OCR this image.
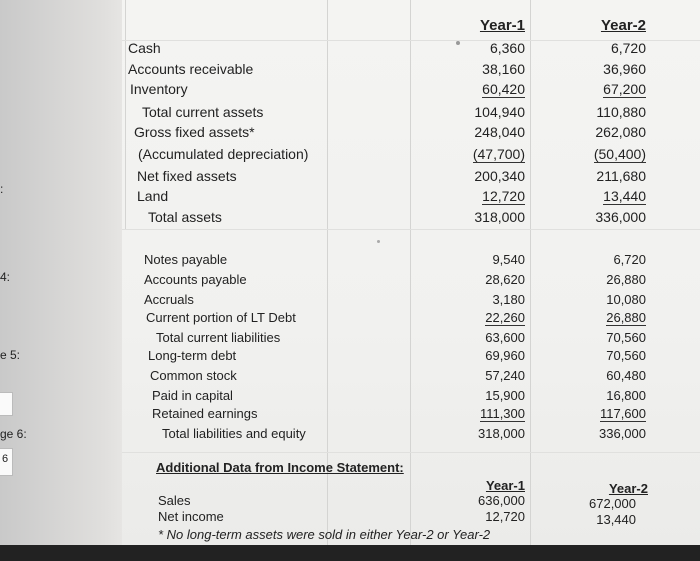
:
4:
e 5:
ge 6:
6
Year-1	Year-2
Cash	6,360	6,720
Accounts receivable	38,160	36,960
Inventory	60,420	67,200
Total current assets	104,940	110,880
Gross fixed assets*	248,040	262,080
(Accumulated depreciation)	(47,700)	(50,400)
Net fixed assets	200,340	211,680
Land	12,720	13,440
Total assets	318,000	336,000
Notes payable	9,540	6,720
Accounts payable	28,620	26,880
Accruals	3,180	10,080
Current portion of LT Debt	22,260	26,880
Total current liabilities	63,600	70,560
Long-term debt	69,960	70,560
Common stock	57,240	60,480
Paid in capital	15,900	16,800
Retained earnings	111,300	117,600
Total liabilities and equity	318,000	336,000
Additional Data from Income Statement:
Year-1	Year-2
Sales	636,000	672,000
Net income	12,720	13,440
* No long-term assets were sold in either Year-2 or Year-2
